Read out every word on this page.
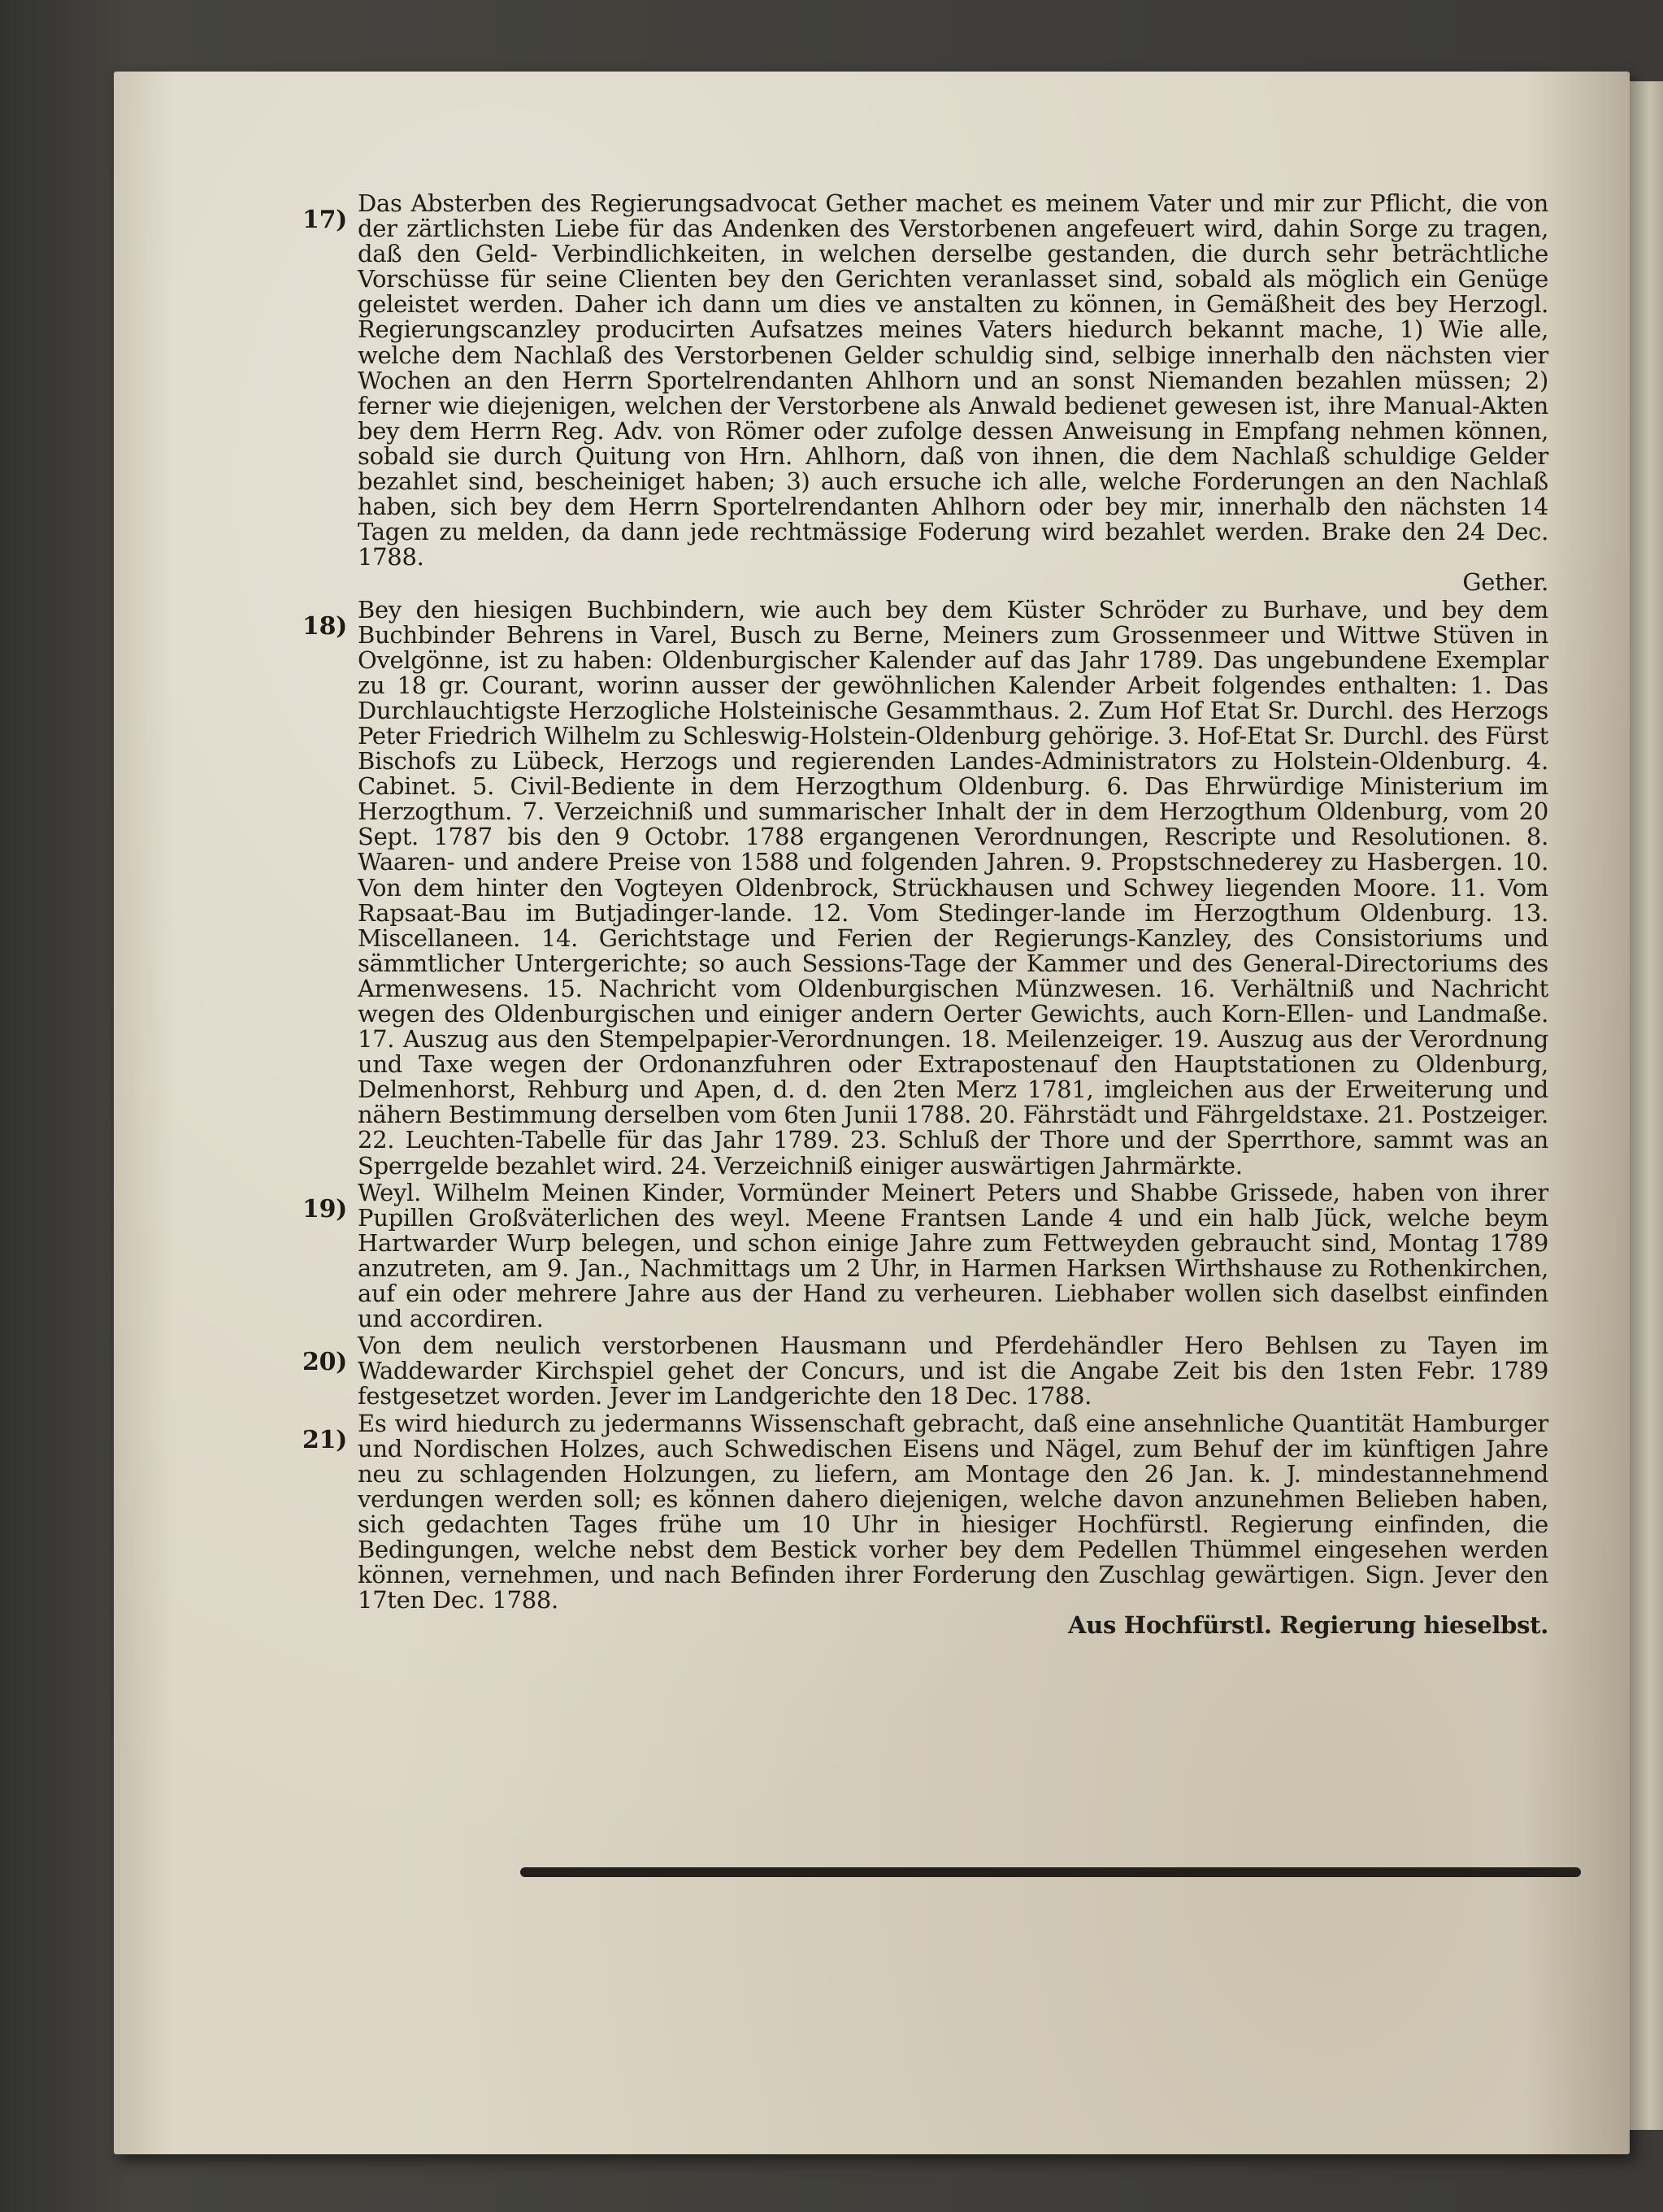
17)

Das Absterben des Regierungsadvocat Gether machet es meinem Vater und mir zur Pflicht, die von der zärtlichsten Liebe für das Andenken des Verstorbenen angefeuert wird, dahin Sorge zu tragen, daß den Geld- Verbindlichkeiten, in welchen derselbe gestanden, die durch sehr beträchtliche Vorschüsse für seine Clienten bey den Gerichten veranlasset sind, sobald als möglich ein Genüge geleistet werden. Daher ich dann um dies ve anstalten zu können, in Gemäßheit des bey Herzogl. Regierungscanzley producirten Aufsatzes meines Vaters hiedurch bekannt mache, 1) Wie alle, welche dem Nachlaß des Verstorbenen Gelder schuldig sind, selbige innerhalb den nächsten vier Wochen an den Herrn Sportelrendanten Ahlhorn und an sonst Niemanden bezahlen müssen; 2) ferner wie diejenigen, welchen der Verstorbene als Anwald bedienet gewesen ist, ihre Manual-Akten bey dem Herrn Reg. Adv. von Römer oder zufolge dessen Anweisung in Empfang nehmen können, sobald sie durch Quitung von Hrn. Ahlhorn, daß von ihnen, die dem Nachlaß schuldige Gelder bezahlet sind, bescheiniget haben; 3) auch ersuche ich alle, welche Forderungen an den Nachlaß haben, sich bey dem Herrn Sportelrendanten Ahlhorn oder bey mir, innerhalb den nächsten 14 Tagen zu melden, da dann jede rechtmässige Foderung wird bezahlet werden. Brake den 24 Dec. 1788.

Gether.

18)

Bey den hiesigen Buchbindern, wie auch bey dem Küster Schröder zu Burhave, und bey dem Buchbinder Behrens in Varel, Busch zu Berne, Meiners zum Grossenmeer und Wittwe Stüven in Ovelgönne, ist zu haben: Oldenburgischer Kalender auf das Jahr 1789. Das ungebundene Exemplar zu 18 gr. Courant, worinn ausser der gewöhnlichen Kalender Arbeit folgendes enthalten: 1. Das Durchlauchtigste Herzogliche Holsteinische Gesammthaus. 2. Zum Hof Etat Sr. Durchl. des Herzogs Peter Friedrich Wilhelm zu Schleswig-Holstein-Oldenburg gehörige. 3. Hof-Etat Sr. Durchl. des Fürst Bischofs zu Lübeck, Herzogs und regierenden Landes-Administrators zu Holstein-Oldenburg. 4. Cabinet. 5. Civil-Bediente in dem Herzogthum Oldenburg. 6. Das Ehrwürdige Ministerium im Herzogthum. 7. Verzeichniß und summarischer Inhalt der in dem Herzogthum Oldenburg, vom 20 Sept. 1787 bis den 9 Octobr. 1788 ergangenen Verordnungen, Rescripte und Resolutionen. 8. Waaren- und andere Preise von 1588 und folgenden Jahren. 9. Propstschnederey zu Hasbergen. 10. Von dem hinter den Vogteyen Oldenbrock, Strückhausen und Schwey liegenden Moore. 11. Vom Rapsaat-Bau im Butjadinger-lande. 12. Vom Stedinger-lande im Herzogthum Oldenburg. 13. Miscellaneen. 14. Gerichtstage und Ferien der Regierungs-Kanzley, des Consistoriums und sämmtlicher Untergerichte; so auch Sessions-Tage der Kammer und des General-Directoriums des Armenwesens. 15. Nachricht vom Oldenburgischen Münzwesen. 16. Verhältniß und Nachricht wegen des Oldenburgischen und einiger andern Oerter Gewichts, auch Korn-Ellen- und Landmaße. 17. Auszug aus den Stempelpapier-Verordnungen. 18. Meilenzeiger. 19. Auszug aus der Verordnung und Taxe wegen der Ordonanzfuhren oder Extrapostenauf den Hauptstationen zu Oldenburg, Delmenhorst, Rehburg und Apen, d. d. den 2ten Merz 1781, imgleichen aus der Erweiterung und nähern Bestimmung derselben vom 6ten Junii 1788. 20. Fährstädt und Fährgeldstaxe. 21. Postzeiger. 22. Leuchten-Tabelle für das Jahr 1789. 23. Schluß der Thore und der Sperrthore, sammt was an Sperrgelde bezahlet wird. 24. Verzeichniß einiger auswärtigen Jahrmärkte.

19)

Weyl. Wilhelm Meinen Kinder, Vormünder Meinert Peters und Shabbe Grissede, haben von ihrer Pupillen Großväterlichen des weyl. Meene Frantsen Lande 4 und ein halb Jück, welche beym Hartwarder Wurp belegen, und schon einige Jahre zum Fettweyden gebraucht sind, Montag 1789 anzutreten, am 9. Jan., Nachmittags um 2 Uhr, in Harmen Harksen Wirthshause zu Rothenkirchen, auf ein oder mehrere Jahre aus der Hand zu verheuren. Liebhaber wollen sich daselbst einfinden und accordiren.

20)

Von dem neulich verstorbenen Hausmann und Pferdehändler Hero Behlsen zu Tayen im Waddewarder Kirchspiel gehet der Concurs, und ist die Angabe Zeit bis den 1sten Febr. 1789 festgesetzet worden. Jever im Landgerichte den 18 Dec. 1788.

21)

Es wird hiedurch zu jedermanns Wissenschaft gebracht, daß eine ansehnliche Quantität Hamburger und Nordischen Holzes, auch Schwedischen Eisens und Nägel, zum Behuf der im künftigen Jahre neu zu schlagenden Holzungen, zu liefern, am Montage den 26 Jan. k. J. mindestannehmend verdungen werden soll; es können dahero diejenigen, welche davon anzunehmen Belieben haben, sich gedachten Tages frühe um 10 Uhr in hiesiger Hochfürstl. Regierung einfinden, die Bedingungen, welche nebst dem Bestick vorher bey dem Pedellen Thümmel eingesehen werden können, vernehmen, und nach Befinden ihrer Forderung den Zuschlag gewärtigen. Sign. Jever den 17ten Dec. 1788.

Aus Hochfürstl. Regierung hieselbst.
